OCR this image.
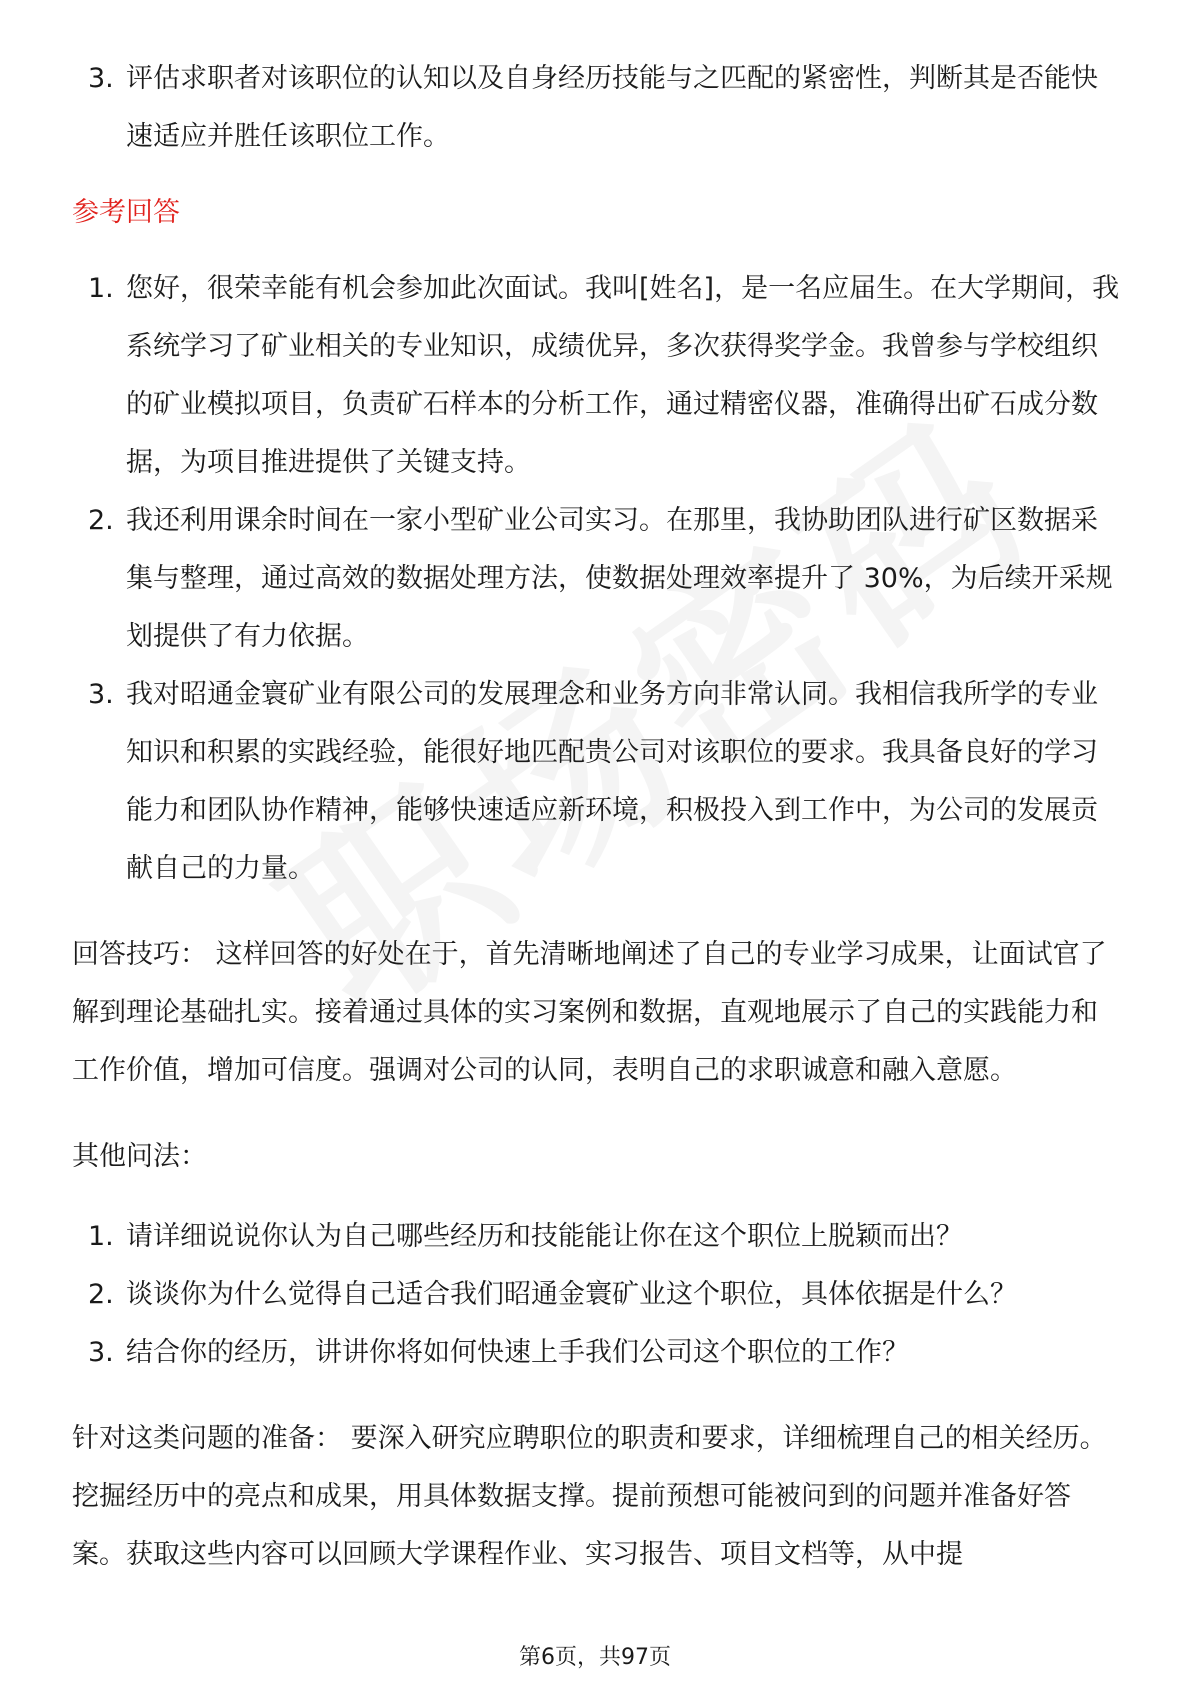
3. 评估求职者对该职位的认知以及自身经历技能与之匹配的紧密性，判断其是否能快速适应并胜任该职位工作。
参考回答
1. 您好，很荣幸能有机会参加此次面试。我叫[姓名]，是一名应届生。在大学期间，我系统学习了矿业相关的专业知识，成绩优异，多次获得奖学金。我曾参与学校组织的矿业模拟项目，负责矿石样本的分析工作，通过精密仪器，准确得出矿石成分数据，为项目推进提供了关键支持。
2. 我还利用课余时间在一家小型矿业公司实习。在那里，我协助团队进行矿区数据采集与整理，通过高效的数据处理方法，使数据处理效率提升了 30%，为后续开采规划提供了有力依据。
3. 我对昭通金寰矿业有限公司的发展理念和业务方向非常认同。我相信我所学的专业知识和积累的实践经验，能很好地匹配贵公司对该职位的要求。我具备良好的学习能力和团队协作精神，能够快速适应新环境，积极投入到工作中，为公司的发展贡献自己的力量。

回答技巧： 这样回答的好处在于，首先清晰地阐述了自己的专业学习成果，让面试官了解到理论基础扎实。接着通过具体的实习案例和数据，直观地展示了自己的实践能力和工作价值，增加可信度。强调对公司的认同，表明自己的求职诚意和融入意愿。

其他问法：

1. 请详细说说你认为自己哪些经历和技能能让你在这个职位上脱颖而出？
2. 谈谈你为什么觉得自己适合我们昭通金寰矿业这个职位，具体依据是什么？
3. 结合你的经历，讲讲你将如何快速上手我们公司这个职位的工作？

针对这类问题的准备： 要深入研究应聘职位的职责和要求，详细梳理自己的相关经历。挖掘经历中的亮点和成果，用具体数据支撑。提前预想可能被问到的问题并准备好答案。获取这些内容可以回顾大学课程作业、实习报告、项目文档等，从中提

第6页，共97页
